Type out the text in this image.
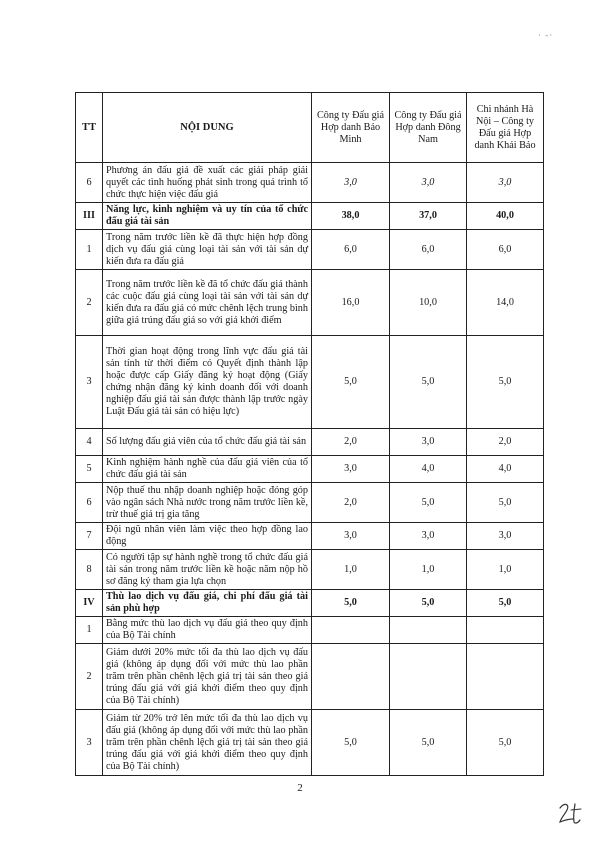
· -·
TT	NỘI DUNG	Công ty Đấu giá Hợp danh Bảo Minh	Công ty Đấu giá Hợp danh Đông Nam	Chi nhánh Hà Nội – Công ty Đấu giá Hợp danh Khải Bảo
6	Phương án đấu giá đề xuất các giải pháp giải quyết các tình huống phát sinh trong quá trình tổ chức thực hiện việc đấu giá	3,0	3,0	3,0
III	Năng lực, kinh nghiệm và uy tín của tổ chức đấu giá tài sản	38,0	37,0	40,0
1	Trong năm trước liền kề đã thực hiện hợp đồng dịch vụ đấu giá cùng loại tài sản với tài sản dự kiến đưa ra đấu giá	6,0	6,0	6,0
2	Trong năm trước liền kề đã tổ chức đấu giá thành các cuộc đấu giá cùng loại tài sản với tài sản dự kiến đưa ra đấu giá có mức chênh lệch trung bình giữa giá trúng đấu giá so với giá khởi điểm	16,0	10,0	14,0
3	Thời gian hoạt động trong lĩnh vực đấu giá tài sản tính từ thời điểm có Quyết định thành lập hoặc được cấp Giấy đăng ký hoạt động (Giấy chứng nhận đăng ký kinh doanh đối với doanh nghiệp đấu giá tài sản được thành lập trước ngày Luật Đấu giá tài sản có hiệu lực)	5,0	5,0	5,0
4	Số lượng đấu giá viên của tổ chức đấu giá tài sản	2,0	3,0	2,0
5	Kinh nghiệm hành nghề của đấu giá viên của tổ chức đấu giá tài sản	3,0	4,0	4,0
6	Nộp thuế thu nhập doanh nghiệp hoặc đóng góp vào ngân sách Nhà nước trong năm trước liền kề, trừ thuế giá trị gia tăng	2,0	5,0	5,0
7	Đội ngũ nhân viên làm việc theo hợp đồng lao động	3,0	3,0	3,0
8	Có người tập sự hành nghề trong tổ chức đấu giá tài sản trong năm trước liền kề hoặc năm nộp hồ sơ đăng ký tham gia lựa chọn	1,0	1,0	1,0
IV	Thù lao dịch vụ đấu giá, chi phí đấu giá tài sản phù hợp	5,0	5,0	5,0
1	Bằng mức thù lao dịch vụ đấu giá theo quy định của Bộ Tài chính			
2	Giảm dưới 20% mức tối đa thù lao dịch vụ đấu giá (không áp dụng đối với mức thù lao phần trăm trên phần chênh lệch giá trị tài sản theo giá trúng đấu giá với giá khởi điểm theo quy định của Bộ Tài chính)			
3	Giảm từ 20% trở lên mức tối đa thù lao dịch vụ đấu giá (không áp dụng đối với mức thù lao phần trăm trên phần chênh lệch giá trị tài sản theo giá trúng đấu giá với giá khởi điểm theo quy định của Bộ Tài chính)	5,0	5,0	5,0
2
